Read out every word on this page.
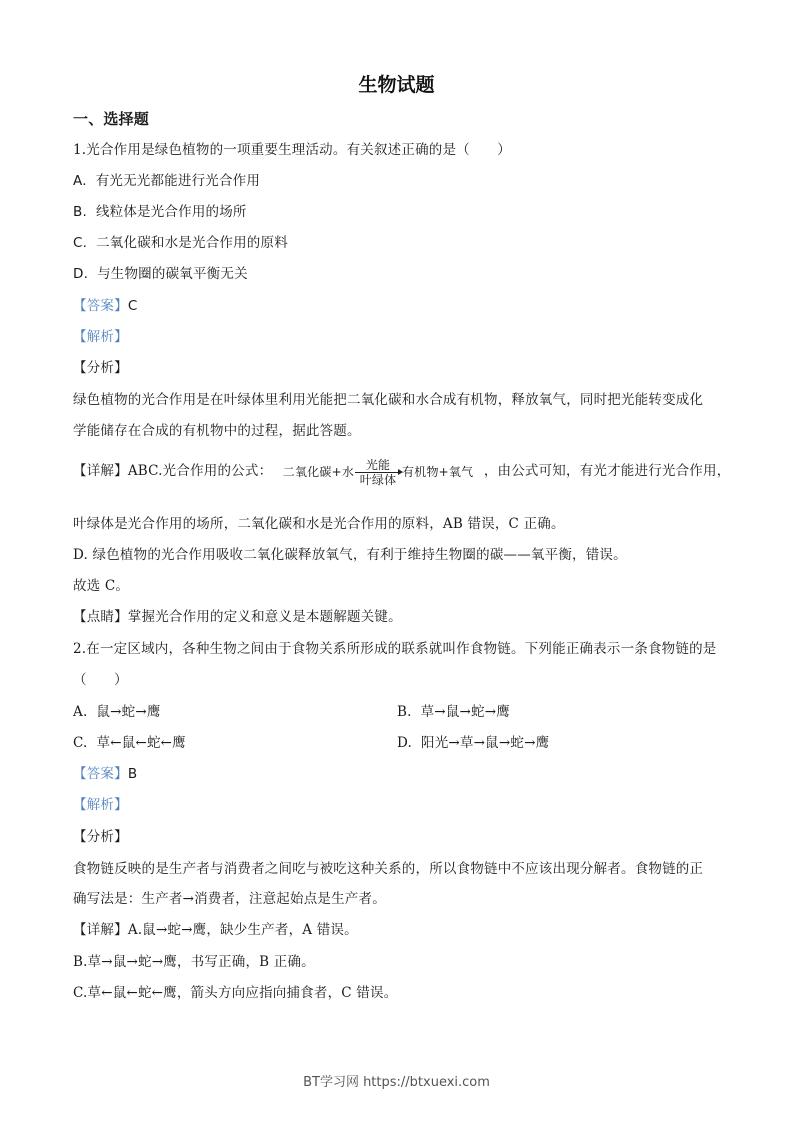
生物试题
一、选择题
1.光合作用是绿色植物的一项重要生理活动。有关叙述正确的是（　　）
A. 有光无光都能进行光合作用
B. 线粒体是光合作用的场所
C. 二氧化碳和水是光合作用的原料
D. 与生物圈的碳氧平衡无关
【答案】C
【解析】
【分析】
绿色植物的光合作用是在叶绿体里利用光能把二氧化碳和水合成有机物，释放氧气，同时把光能转变成化
学能储存在合成的有机物中的过程，据此答题。
【详解】ABC.光合作用的公式： 二氧化碳+水 光能
叶绿体
有机物+氧气 ，由公式可知，有光才能进行光合作用，
叶绿体是光合作用的场所，二氧化碳和水是光合作用的原料，AB 错误，C 正确。
D. 绿色植物的光合作用吸收二氧化碳释放氧气，有利于维持生物圈的碳——氧平衡，错误。
故选 C。
【点睛】掌握光合作用的定义和意义是本题解题关键。
2.在一定区域内，各种生物之间由于食物关系所形成的联系就叫作食物链。下列能正确表示一条食物链的是
（　　）
A. 鼠→蛇→鹰	B. 草→鼠→蛇→鹰
C. 草←鼠←蛇←鹰	D. 阳光→草→鼠→蛇→鹰
【答案】B
【解析】
【分析】
食物链反映的是生产者与消费者之间吃与被吃这种关系的，所以食物链中不应该出现分解者。食物链的正
确写法是：生产者→消费者，注意起始点是生产者。
【详解】A.鼠→蛇→鹰，缺少生产者，A 错误。
B.草→鼠→蛇→鹰，书写正确，B 正确。
C.草←鼠←蛇←鹰，箭头方向应指向捕食者，C 错误。
BT学习网 https://btxuexi.com
